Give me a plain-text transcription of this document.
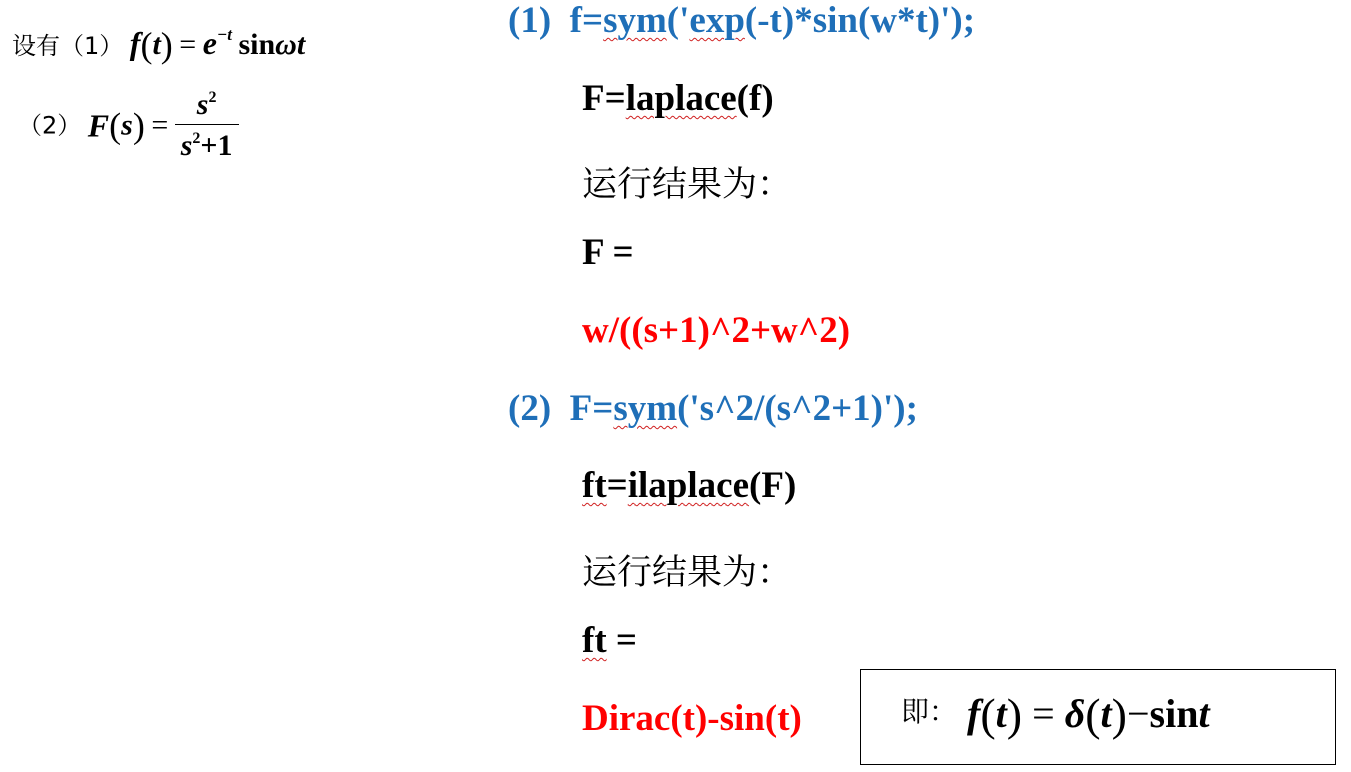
设有（1） $f(t) = e^{-t}$ sinωt
（2） $F(s) = \frac{s^2}{s^2+1}$
(1) f=sym('exp(-t)*sin(w*t)');
F=laplace(f)
运行结果为：
F =
w/((s+1)^2+w^2)
(2) F=sym('s^2/(s^2+1)');
ft=ilaplace(F)
运行结果为：
ft =
Dirac(t)-sin(t)	即： f(t) = δ(t)−sint
